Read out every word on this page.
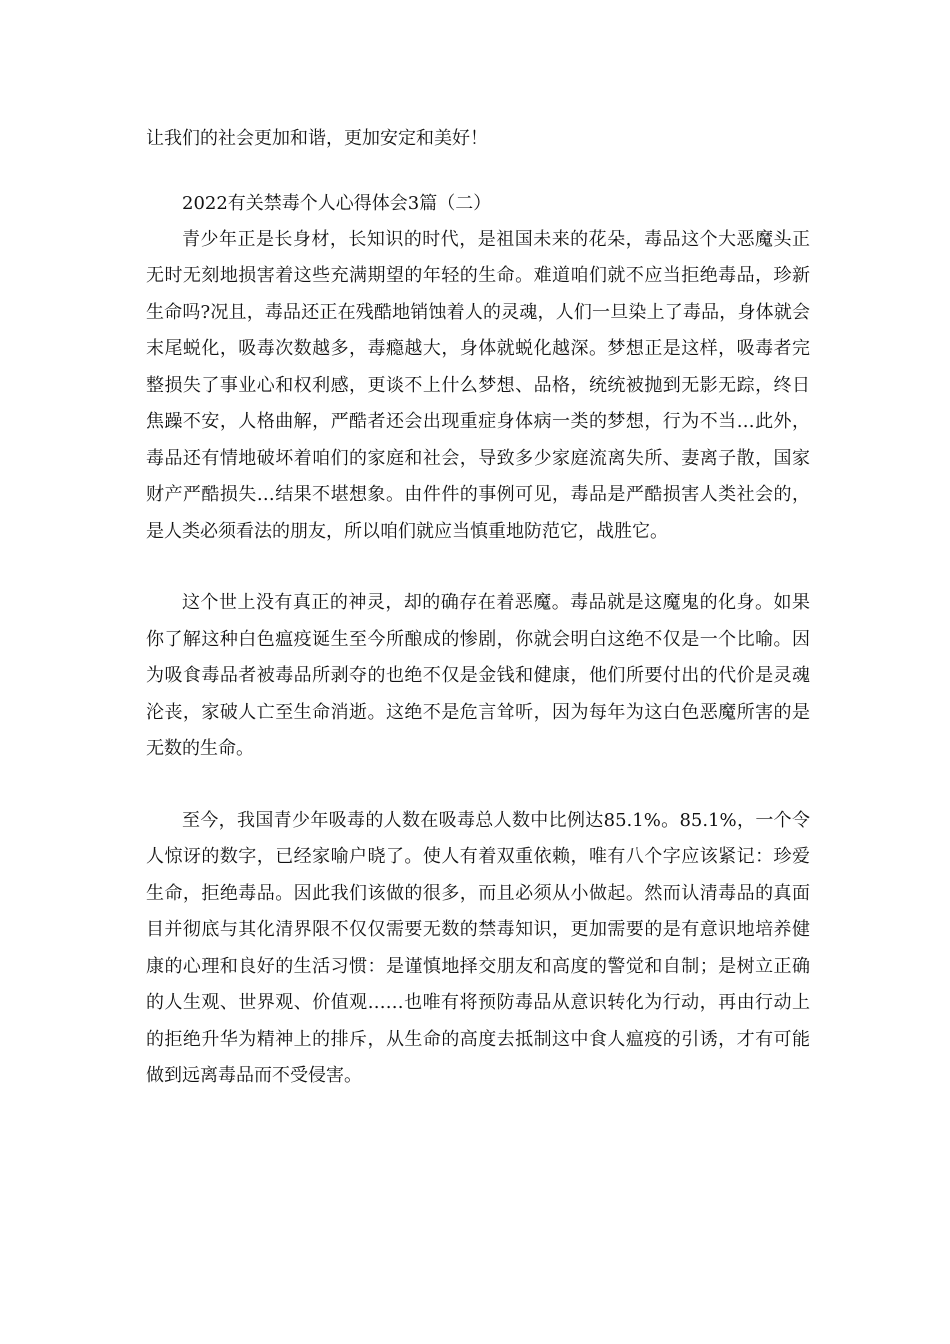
让我们的社会更加和谐，更加安定和美好！

2022有关禁毒个人心得体会3篇（二）

青少年正是长身材，长知识的时代，是祖国未来的花朵，毒品这个大恶魔头正无时无刻地损害着这些充满期望的年轻的生命。难道咱们就不应当拒绝毒品，珍新生命吗?况且，毒品还正在残酷地销蚀着人的灵魂，人们一旦染上了毒品，身体就会末尾蜕化，吸毒次数越多，毒瘾越大，身体就蜕化越深。梦想正是这样，吸毒者完整损失了事业心和权利感，更谈不上什么梦想、品格，统统被抛到无影无踪，终日焦躁不安，人格曲解，严酷者还会出现重症身体病一类的梦想，行为不当…此外，毒品还有情地破坏着咱们的家庭和社会，导致多少家庭流离失所、妻离子散，国家财产严酷损失…结果不堪想象。由件件的事例可见，毒品是严酷损害人类社会的，是人类必须看法的朋友，所以咱们就应当慎重地防范它，战胜它。

这个世上没有真正的神灵，却的确存在着恶魔。毒品就是这魔鬼的化身。如果你了解这种白色瘟疫诞生至今所酿成的惨剧，你就会明白这绝不仅是一个比喻。因为吸食毒品者被毒品所剥夺的也绝不仅是金钱和健康，他们所要付出的代价是灵魂沦丧，家破人亡至生命消逝。这绝不是危言耸听，因为每年为这白色恶魔所害的是无数的生命。

至今，我国青少年吸毒的人数在吸毒总人数中比例达85.1%。85.1%，一个令人惊讶的数字，已经家喻户晓了。使人有着双重依赖，唯有八个字应该紧记：珍爱生命，拒绝毒品。因此我们该做的很多，而且必须从小做起。然而认清毒品的真面目并彻底与其化清界限不仅仅需要无数的禁毒知识，更加需要的是有意识地培养健康的心理和良好的生活习惯：是谨慎地择交朋友和高度的警觉和自制；是树立正确的人生观、世界观、价值观……也唯有将预防毒品从意识转化为行动，再由行动上的拒绝升华为精神上的排斥，从生命的高度去抵制这中食人瘟疫的引诱，才有可能做到远离毒品而不受侵害。
